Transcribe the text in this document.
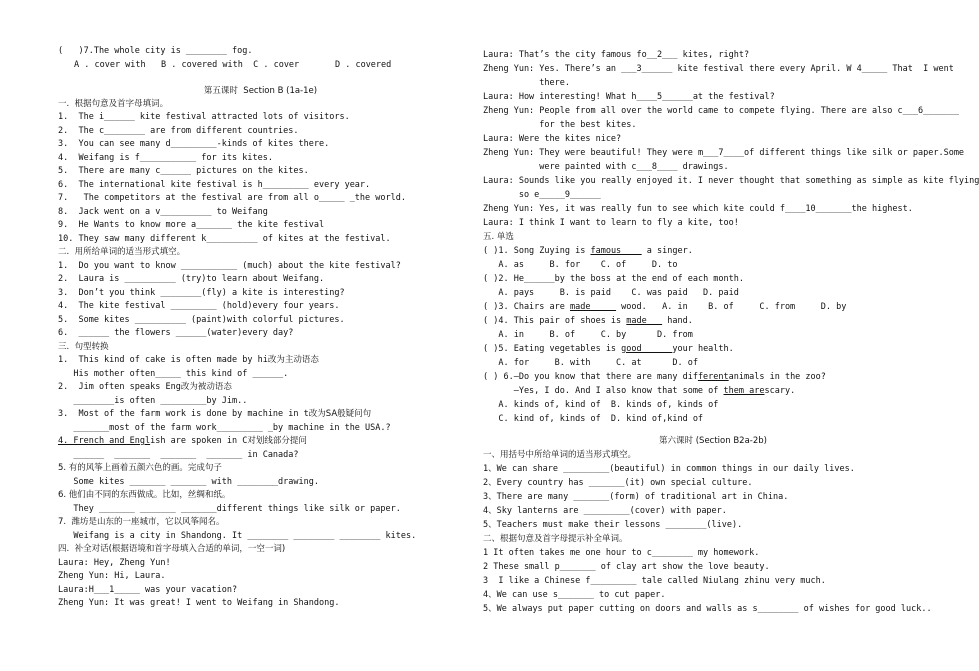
(   )7.The whole city is ________ fog.
A . cover with   B . covered with  C . cover       D . covered
第五课时  Section B (1a-1e)
一.  根据句意及首字母填词。
1.  The i______ kite festival attracted lots of visitors.
2.  The c________ are from different countries.
3.  You can see many d_________-kinds of kites there.
4.  Weifang is f___________ for its kites.
5.  There are many c______ pictures on the kites.
6.  The international kite festival is h_________ every year.
7.   The competitors at the festival are from all o_____ _the world.
8.  Jack went on a v__________ to Weifang
9.  He Wants to know more a_______ the kite festival
10. They saw many different k__________ of kites at the festival.
二.  用所给单词的适当形式填空。
1.  Do you want to know ___________ (much) about the kite festival?
2.  Laura is __________ (try)to learn about Weifang.
3.  Don’t you think ________(fly) a kite is interesting?
4.  The kite festival _________ (hold)every four years.
5.  Some kites __________ (paint)with colorful pictures.
6.  ______ the flowers ______(water)every day?
三.  句型转换
1.  This kind of cake is often made by hi改为主动语态
His mother often_____ this kind of ______.
2.  Jim often speaks Eng改为被动语态
________is often _________by Jim..
3.  Most of the farm work is done by machine in t改为SA般疑问句
_______most of the farm work_________ _by machine in the USA.?
4. French and English are spoken in C对划线部分提问
______  _______  _______  _______ in Canada?
5. 有的风筝上画着五颜六色的画。完成句子
Some kites _______ _______ with ________drawing.
6. 他们由不同的东西做成。比如，丝绸和纸。
They _______ _______ _______different things like silk or paper.
7.  潍坊是山东的一座城市，它以风筝闻名。
Weifang is a city in Shandong. It ________ ________ ________ kites.
四.  补全对话(根据语境和首字母填入合适的单词，一空一词)
Laura: Hey, Zheng Yun!
Zheng Yun: Hi, Laura.
Laura:H___1_____ was your vacation?
Zheng Yun: It was great! I went to Weifang in Shandong.
Laura: That’s the city famous fo__2___ kites, right?
Zheng Yun: Yes. There’s an ___3______ kite festival there every April. W 4_____ That I went
there.
Laura: How interesting! What h____5______at the festival?
Zheng Yun: People from all over the world came to compete flying. There are also c___6_______
for the best kites.
Laura: Were the kites nice?
Zheng Yun: They were beautiful! They were m___7____of different things like silk or paper.Some
were painted with c___8____ drawings.
Laura: Sounds like you really enjoyed it. I never thought that something as simple as kite flying
so e_____9______
Zheng Yun: Yes, it was really fun to see which kite could f____10_______the highest.
Laura: I think I want to learn to fly a kite, too!
五. 单选
( )1. Song Zuying is famous     a singer.
A. as     B. for    C. of     D. to
( )2. He______by the boss at the end of each month.
A. pays     B. is paid    C. was paid   D. paid
( )3. Chairs are made      wood.   A. in    B. of     C. from     D. by
( )4. This pair of shoes is made    hand.
A. in     B. of     C. by      D. from
( )5. Eating vegetables is good      your health.
A. for     B. with     C. at      D. of
( ) 6.—Do you know that there are many differentanimals in the zoo?
—Yes, I do. And I also know that some of them arescary.
A. kinds of, kind of  B. kinds of, kinds of
C. kind of, kinds of  D. kind of,kind of
第六课时 (Section B2a-2b)
一、用括号中所给单词的适当形式填空。
1、We can share _________(beautiful) in common things in our daily lives.
2、Every country has _______(it) own special culture.
3、There are many _______(form) of traditional art in China.
4、Sky lanterns are _________(cover) with paper.
5、Teachers must make their lessons ________(live).
二、根据句意及首字母提示补全单词。
1 It often takes me one hour to c________ my homework.
2 These small p_______ of clay art show the love beauty.
3  I like a Chinese f_________ tale called Niulang zhinu very much.
4、We can use s_______ to cut paper.
5、We always put paper cutting on doors and walls as s________ of wishes for good luck..
